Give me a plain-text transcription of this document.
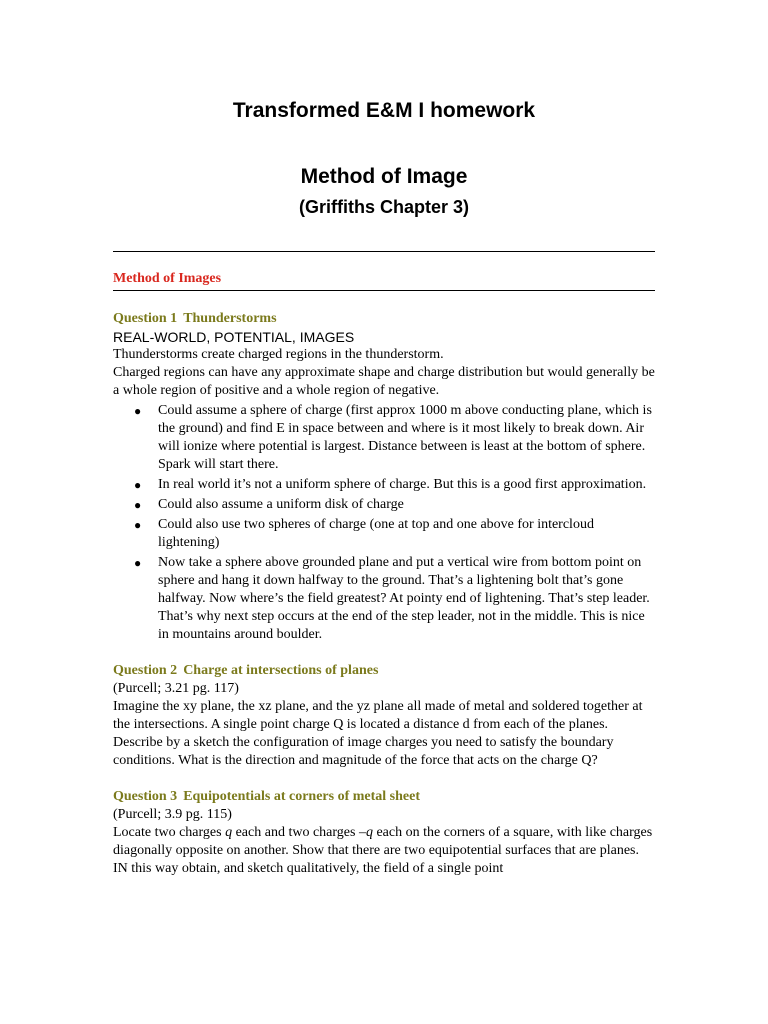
Transformed E&M I homework
Method of Image
(Griffiths Chapter 3)

Method of Images

Question 1 Thunderstorms

REAL-WORLD, POTENTIAL, IMAGES

Thunderstorms create charged regions in the thunderstorm.

Charged regions can have any approximate shape and charge distribution but would generally be a whole region of positive and a whole region of negative.

● Could assume a sphere of charge (first approx 1000 m above conducting plane, which is the ground) and find E in space between and where is it most likely to break down. Air will ionize where potential is largest. Distance between is least at the bottom of sphere. Spark will start there.
● In real world it’s not a uniform sphere of charge. But this is a good first approximation.
● Could also assume a uniform disk of charge
● Could also use two spheres of charge (one at top and one above for intercloud lightening)
● Now take a sphere above grounded plane and put a vertical wire from bottom point on sphere and hang it down halfway to the ground. That’s a lightening bolt that’s gone halfway. Now where’s the field greatest? At pointy end of lightening. That’s step leader. That’s why next step occurs at the end of the step leader, not in the middle. This is nice in mountains around boulder.

Question 2 Charge at intersections of planes

(Purcell; 3.21 pg. 117)

Imagine the xy plane, the xz plane, and the yz plane all made of metal and soldered together at the intersections. A single point charge Q is located a distance d from each of the planes. Describe by a sketch the configuration of image charges you need to satisfy the boundary conditions. What is the direction and magnitude of the force that acts on the charge Q?

Question 3 Equipotentials at corners of metal sheet

(Purcell; 3.9 pg. 115)

Locate two charges q each and two charges –q each on the corners of a square, with like charges diagonally opposite on another. Show that there are two equipotential surfaces that are planes. IN this way obtain, and sketch qualitatively, the field of a single point
